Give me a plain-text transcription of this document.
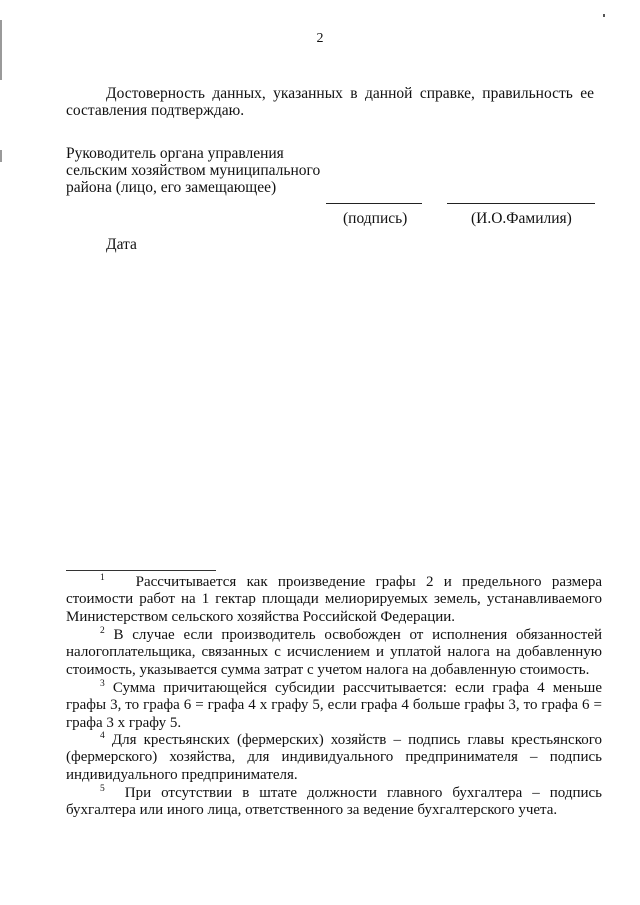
2

Достоверность данных, указанных в данной справке, правильность ее составления подтверждаю.

Руководитель органа управления
сельским хозяйством муниципального
района (лицо, его замещающее)
(подпись)	(И.О.Фамилия)
Дата

$^1$ Рассчитывается как произведение графы 2 и предельного размера стоимости работ на 1 гектар площади мелиорируемых земель, устанавливаемого Министерством сельского хозяйства Российской Федерации.

$^2$ В случае если производитель освобожден от исполнения обязанностей налогоплательщика, связанных с исчислением и уплатой налога на добавленную стоимость, указывается сумма затрат с учетом налога на добавленную стоимость.

$^3$ Сумма причитающейся субсидии рассчитывается: если графа 4 меньше графы 3, то графа 6 = графа 4 х графу 5, если графа 4 больше графы 3, то графа 6 = графа 3 х графу 5.

$^4$ Для крестьянских (фермерских) хозяйств – подпись главы крестьянского (фермерского) хозяйства, для индивидуального предпринимателя – подпись индивидуального предпринимателя.

$^5$ При отсутствии в штате должности главного бухгалтера – подпись бухгалтера или иного лица, ответственного за ведение бухгалтерского учета.
